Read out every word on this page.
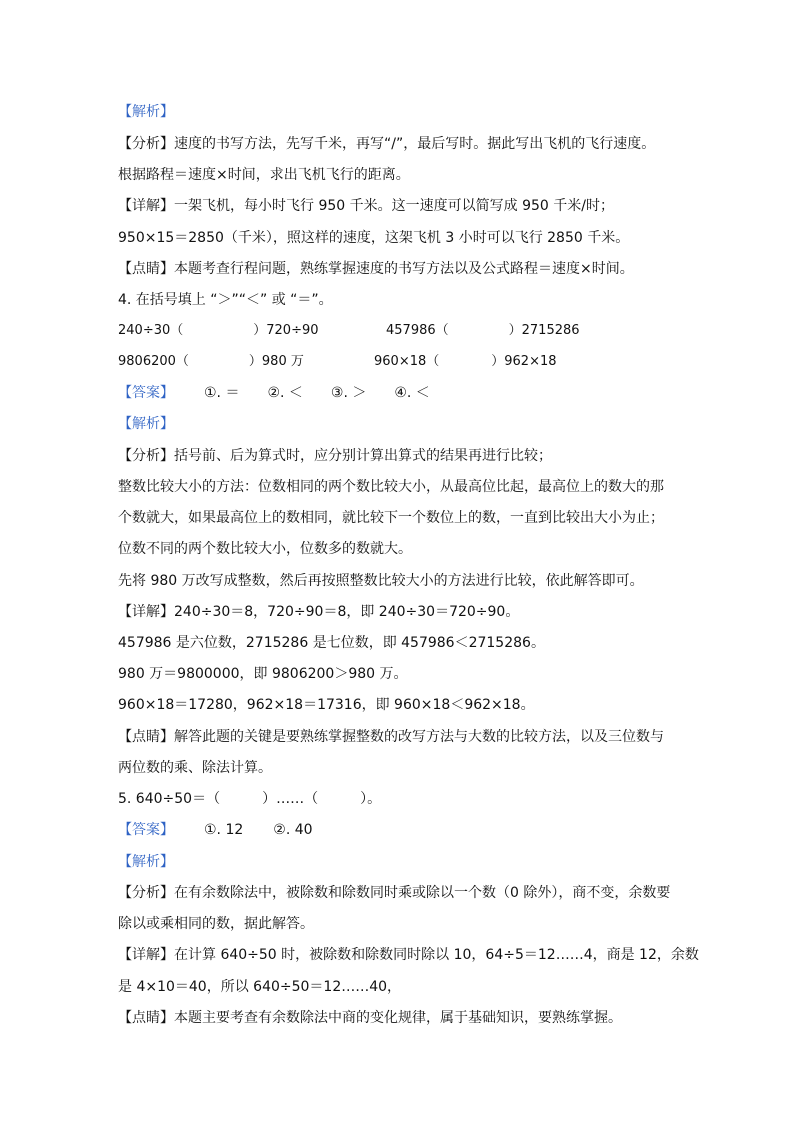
【解析】
【分析】速度的书写方法，先写千米，再写“/”，最后写时。据此写出飞机的飞行速度。
根据路程＝速度×时间，求出飞机飞行的距离。
【详解】一架飞机，每小时飞行 950 千米。这一速度可以简写成 950 千米/时；
950×15＝2850（千米），照这样的速度，这架飞机 3 小时可以飞行 2850 千米。
【点睛】本题考查行程问题，熟练掌握速度的书写方法以及公式路程＝速度×时间。
4. 在括号填上 “＞”“＜” 或 “＝”。
240÷30（	）720÷90	457986（	）2715286
9806200（	）980 万	960×18（	）962×18
【答案】 ①. ＝ ②. ＜ ③. ＞ ④. ＜
【解析】
【分析】括号前、后为算式时，应分别计算出算式的结果再进行比较；
整数比较大小的方法：位数相同的两个数比较大小，从最高位比起，最高位上的数大的那
个数就大，如果最高位上的数相同，就比较下一个数位上的数，一直到比较出大小为止；
位数不同的两个数比较大小，位数多的数就大。
先将 980 万改写成整数，然后再按照整数比较大小的方法进行比较，依此解答即可。
【详解】240÷30＝8，720÷90＝8，即 240÷30＝720÷90。
457986 是六位数，2715286 是七位数，即 457986＜2715286。
980 万＝9800000，即 9806200＞980 万。
960×18＝17280，962×18＝17316，即 960×18＜962×18。
【点睛】解答此题的关键是要熟练掌握整数的改写方法与大数的比较方法，以及三位数与
两位数的乘、除法计算。
5. 640÷50＝（　　　）……（　　　）。
【答案】 ①. 12 ②. 40
【解析】
【分析】在有余数除法中，被除数和除数同时乘或除以一个数（0 除外），商不变，余数要
除以或乘相同的数，据此解答。
【详解】在计算 640÷50 时，被除数和除数同时除以 10，64÷5＝12……4，商是 12，余数
是 4×10＝40，所以 640÷50＝12……40，
【点睛】本题主要考查有余数除法中商的变化规律，属于基础知识，要熟练掌握。
